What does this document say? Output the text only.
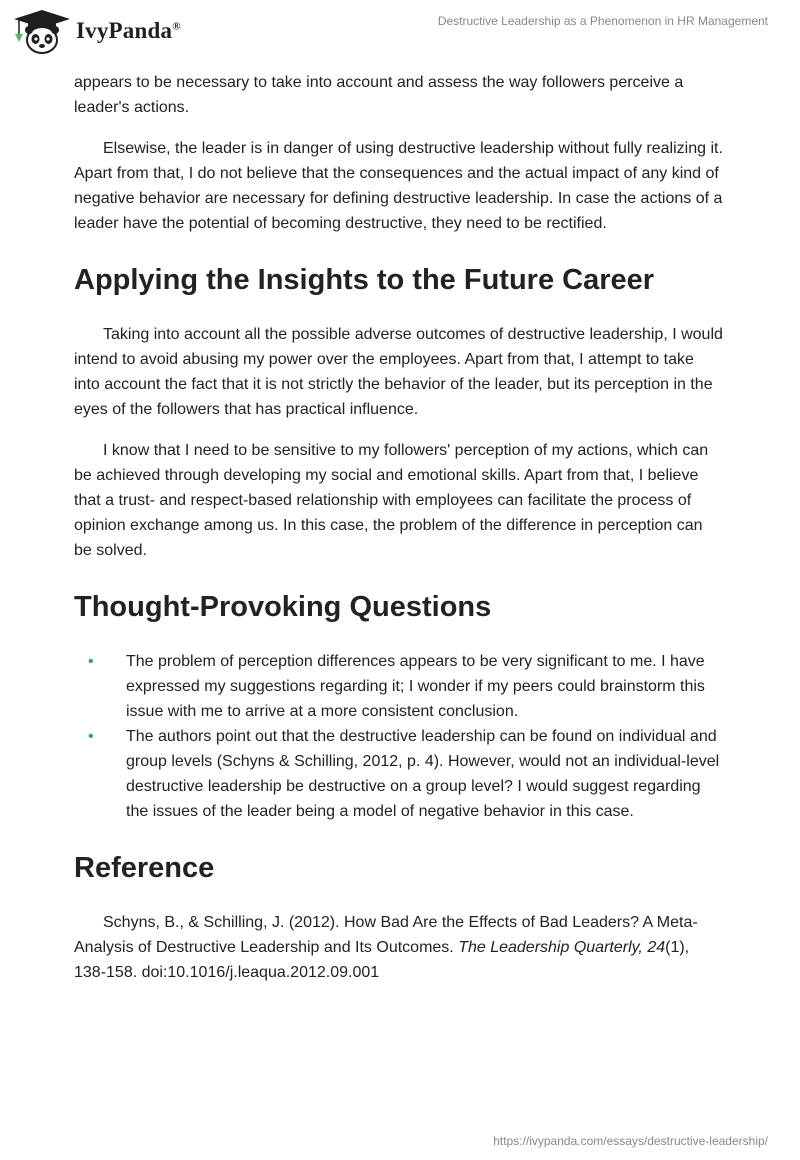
IvyPanda®	Destructive Leadership as a Phenomenon in HR Management

appears to be necessary to take into account and assess the way followers perceive a leader's actions.

Elsewise, the leader is in danger of using destructive leadership without fully realizing it. Apart from that, I do not believe that the consequences and the actual impact of any kind of negative behavior are necessary for defining destructive leadership. In case the actions of a leader have the potential of becoming destructive, they need to be rectified.

Applying the Insights to the Future Career

Taking into account all the possible adverse outcomes of destructive leadership, I would intend to avoid abusing my power over the employees. Apart from that, I attempt to take into account the fact that it is not strictly the behavior of the leader, but its perception in the eyes of the followers that has practical influence.

I know that I need to be sensitive to my followers' perception of my actions, which can be achieved through developing my social and emotional skills. Apart from that, I believe that a trust- and respect-based relationship with employees can facilitate the process of opinion exchange among us. In this case, the problem of the difference in perception can be solved.

Thought-Provoking Questions
• The problem of perception differences appears to be very significant to me. I have expressed my suggestions regarding it; I wonder if my peers could brainstorm this issue with me to arrive at a more consistent conclusion.
• The authors point out that the destructive leadership can be found on individual and group levels (Schyns & Schilling, 2012, p. 4). However, would not an individual-level destructive leadership be destructive on a group level? I would suggest regarding the issues of the leader being a model of negative behavior in this case.
Reference

Schyns, B., & Schilling, J. (2012). How Bad Are the Effects of Bad Leaders? A Meta-Analysis of Destructive Leadership and Its Outcomes. The Leadership Quarterly, 24(1), 138-158. doi:10.1016/j.leaqua.2012.09.001

https://ivypanda.com/essays/destructive-leadership/
